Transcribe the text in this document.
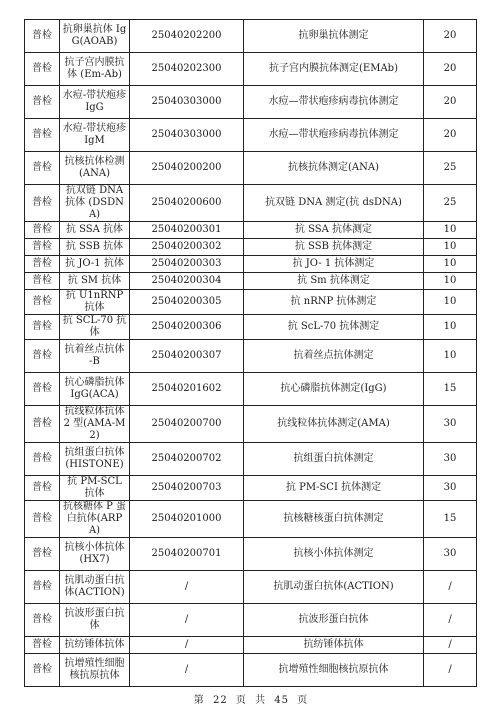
普检	抗卵巢抗体 IgG(AOAB)	25040202200	抗卵巢抗体测定	20
普检	抗子宫内膜抗体 (Em-Ab)	25040202300	抗子宫内膜抗体测定(EMAb)	20
普检	水痘-带状疱疹 IgG	25040303000	水痘—带状疱疹病毒抗体测定	20
普检	水痘-带状疱疹 IgM	25040303000	水痘—带状疱疹病毒抗体测定	20
普检	抗核抗体检测 (ANA)	25040200200	抗核抗体测定(ANA)	25
普检	抗双链 DNA 抗体 (DSDNA)	25040200600	抗双链 DNA 测定(抗 dsDNA)	25
普检	抗 SSA 抗体	25040200301	抗 SSA 抗体测定	10
普检	抗 SSB 抗体	25040200302	抗 SSB 抗体测定	10
普检	抗 JO-1 抗体	25040200303	抗 JO- 1 抗体测定	10
普检	抗 SM 抗体	25040200304	抗 Sm 抗体测定	10
普检	抗 U1nRNP 抗体	25040200305	抗 nRNP 抗体测定	10
普检	抗 SCL-70 抗体	25040200306	抗 ScL-70 抗体测定	10
普检	抗着丝点抗体 -B	25040200307	抗着丝点抗体测定	10
普检	抗心磷脂抗体 IgG(ACA)	25040201602	抗心磷脂抗体测定(IgG)	15
普检	抗线粒体抗体 2 型(AMA-M2)	25040200700	抗线粒体抗体测定(AMA)	30
普检	抗组蛋白抗体 (HISTONE)	25040200702	抗组蛋白抗体测定	30
普检	抗 PM-SCL 抗体	25040200703	抗 PM-SCI 抗体测定	30
普检	抗核糖体 P 蛋白抗体(ARPA)	25040201000	抗核糖核蛋白抗体测定	15
普检	抗核小体抗体 (HX7)	25040200701	抗核小体抗体测定	30
普检	抗肌动蛋白抗体(ACTION)	/	抗肌动蛋白抗体(ACTION)	/
普检	抗波形蛋白抗体	/	抗波形蛋白抗体	/
普检	抗纺锤体抗体	/	抗纺锤体抗体	/
普检	抗增殖性细胞核抗原抗体	/	抗增殖性细胞核抗原抗体	/
第 22 页 共 45 页
